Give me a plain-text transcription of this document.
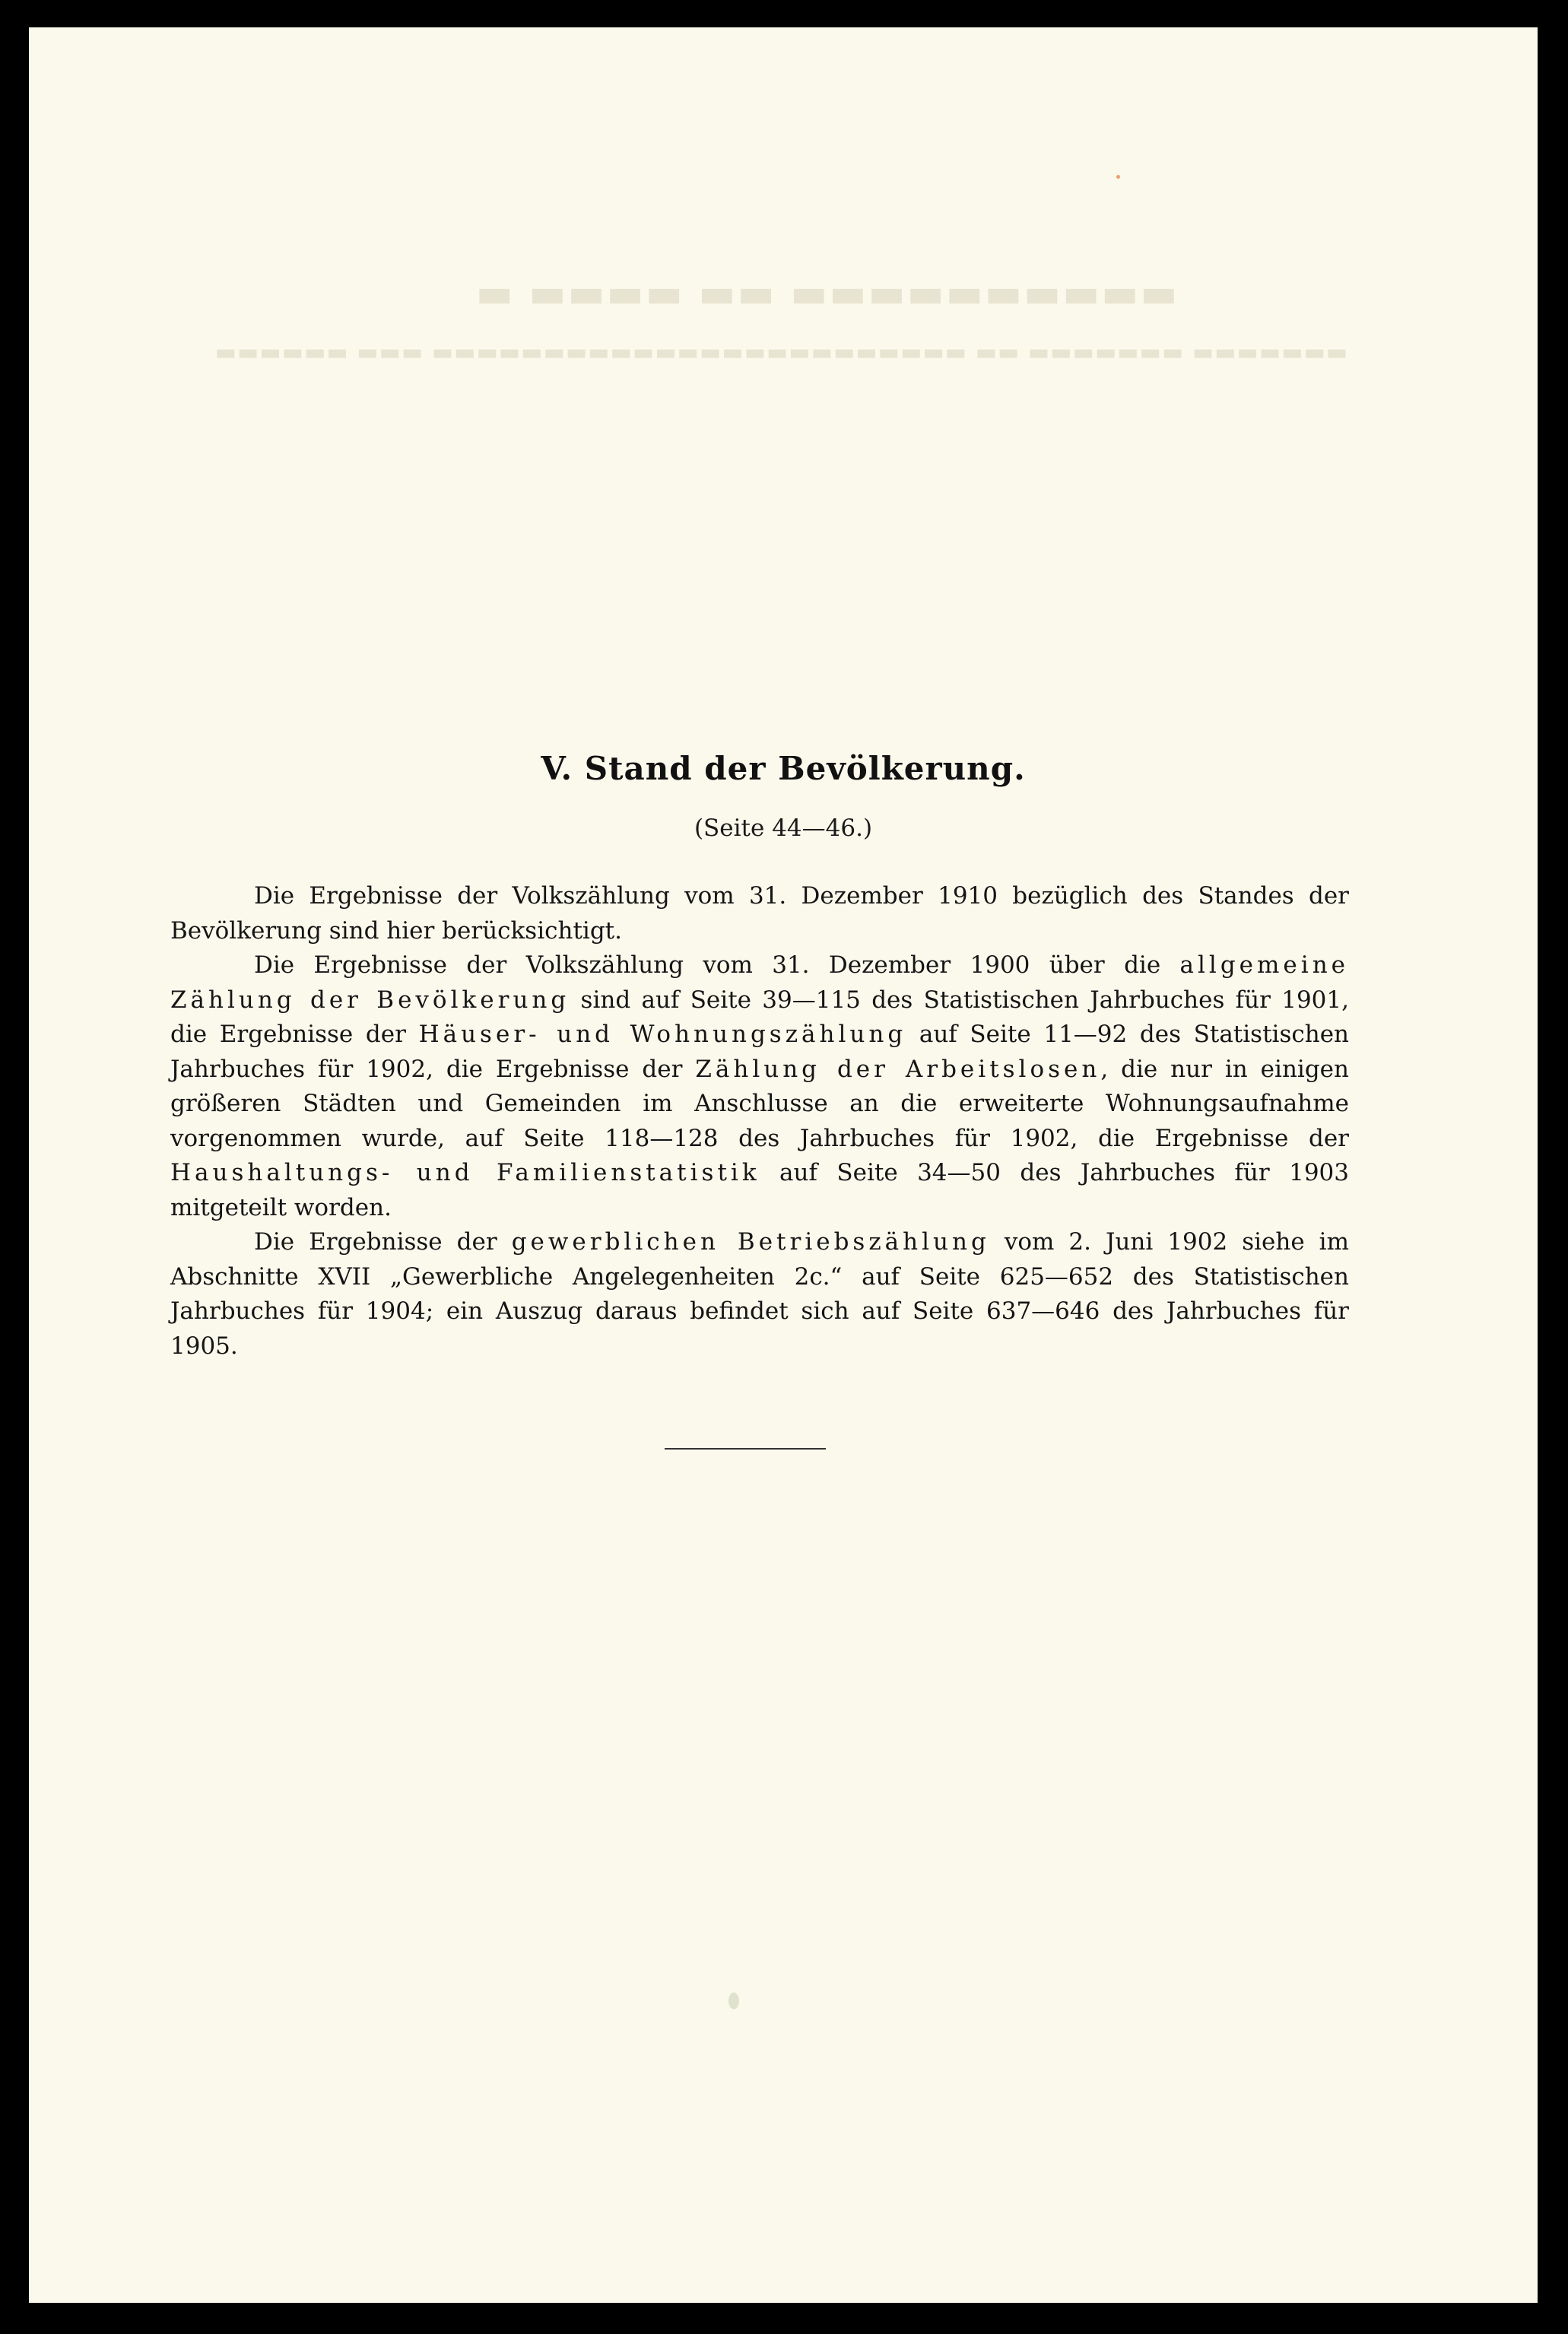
▬ ▬▬▬▬ ▬▬ ▬▬▬▬▬▬▬▬▬▬
▬▬▬▬▬▬ ▬▬▬ ▬▬▬▬▬▬▬▬▬▬▬▬▬▬▬▬▬▬▬▬▬▬▬▬ ▬▬ ▬▬▬▬▬▬▬ ▬▬▬▬▬▬▬
V. Stand der Bevölkerung.
(Seite 44—46.)

Die Ergebnisse der Volkszählung vom 31. Dezember 1910 bezüglich des Standes der Bevölkerung sind hier berücksichtigt.

Die Ergebnisse der Volkszählung vom 31. Dezember 1900 über die allgemeine Zählung der Bevölkerung sind auf Seite 39—115 des Statistischen Jahrbuches für 1901, die Ergebnisse der Häuser- und Wohnungszählung auf Seite 11—92 des Statistischen Jahrbuches für 1902, die Ergebnisse der Zählung der Arbeitslosen, die nur in einigen größeren Städten und Gemeinden im Anschlusse an die erweiterte Wohnungsaufnahme vorgenommen wurde, auf Seite 118—128 des Jahrbuches für 1902, die Ergebnisse der Haushaltungs- und Familienstatistik auf Seite 34—50 des Jahrbuches für 1903 mitgeteilt worden.

Die Ergebnisse der gewerblichen Betriebszählung vom 2. Juni 1902 siehe im Abschnitte XVII „Gewerbliche Angelegenheiten 2c.“ auf Seite 625—652 des Statistischen Jahrbuches für 1904; ein Auszug daraus befindet sich auf Seite 637—646 des Jahrbuches für 1905.
